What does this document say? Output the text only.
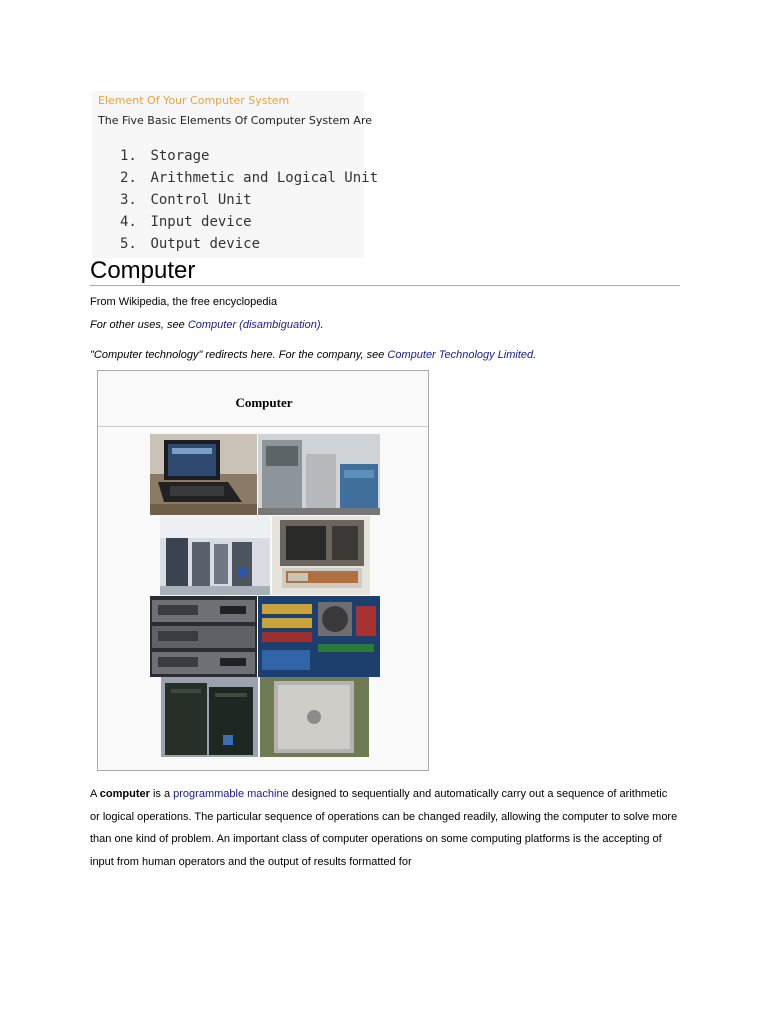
Element Of Your Computer System
The Five Basic Elements Of Computer System Are
1. Storage
2. Arithmetic and Logical Unit
3. Control Unit
4. Input device
5. Output device
Computer
From Wikipedia, the free encyclopedia
For other uses, see Computer (disambiguation).
"Computer technology" redirects here. For the company, see Computer Technology Limited.
Computer
A computer is a programmable machine designed to sequentially and automatically carry out a sequence of arithmetic or logical operations. The particular sequence of operations can be changed readily, allowing the computer to solve more than one kind of problem. An important class of computer operations on some computing platforms is the accepting of input from human operators and the output of results formatted for
